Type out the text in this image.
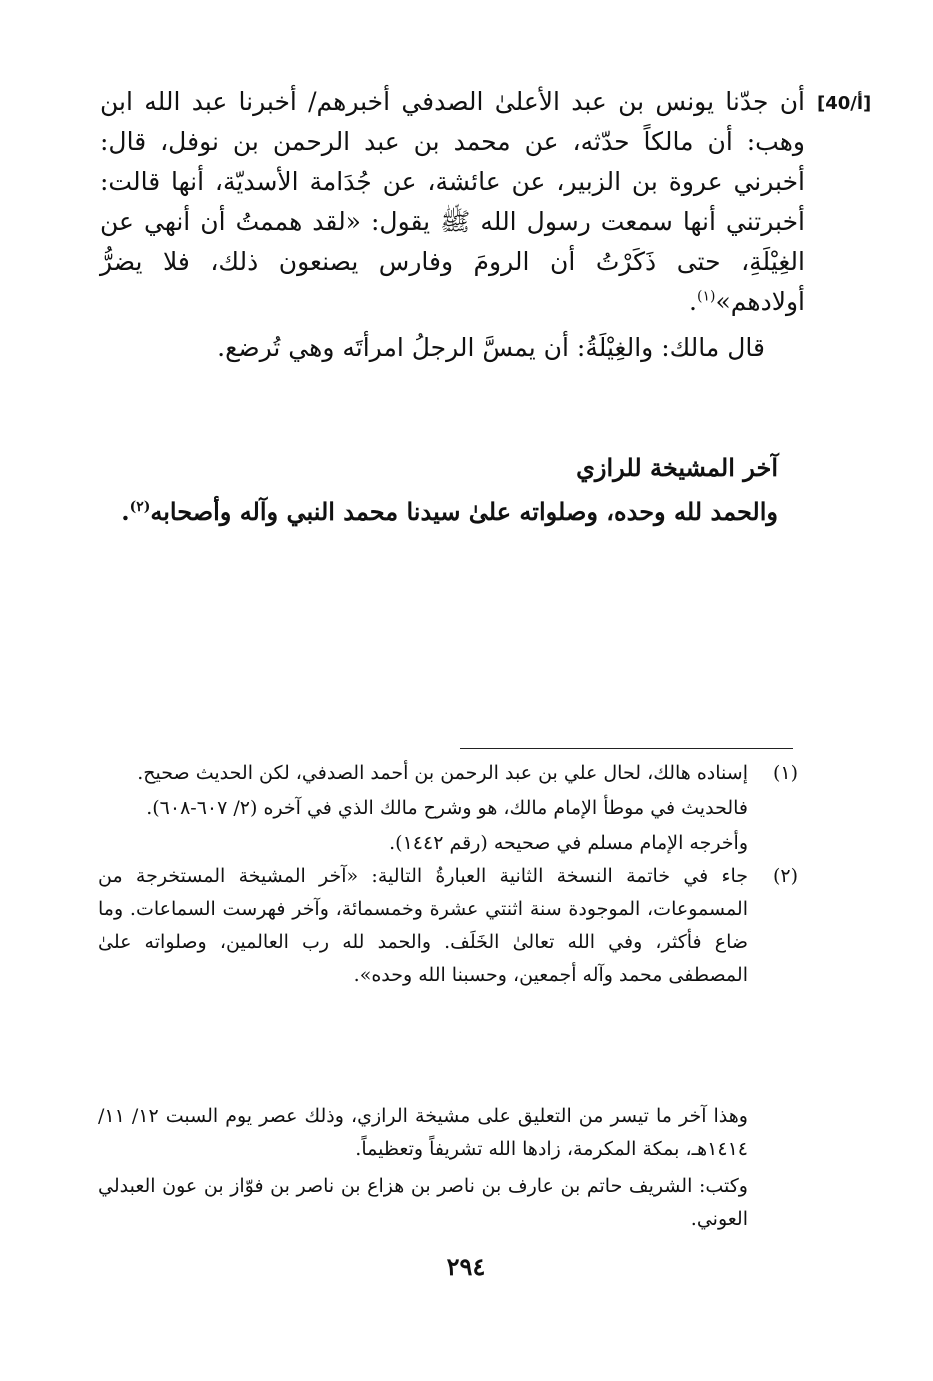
[40/أ]

أن جدّنا يونس بن عبد الأعلىٰ الصدفي أخبرهم/ أخبرنا عبد الله ابن وهب: أن مالكاً حدّثه، عن محمد بن عبد الرحمن بن نوفل، قال: أخبرني عروة بن الزبير، عن عائشة، عن جُدَامة الأسديّة، أنها قالت: أخبرتني أنها سمعت رسول الله ﷺ يقول: «لقد هممتُ أن أنهي عن الغِيْلَةِ، حتى ذَكَرْتُ أن الرومَ وفارس يصنعون ذلك، فلا يضرُّ أولادهم»$^{(١)}$.

قال مالك: والغِيْلَةُ: أن يمسَّ الرجلُ امرأتَه وهي تُرضع.

آخر المشيخة للرازي

والحمد لله وحده، وصلواته علىٰ سيدنا محمد النبي وآله وأصحابه$^{(٢)}$.

(١)

إسناده هالك، لحال علي بن عبد الرحمن بن أحمد الصدفي، لكن الحديث صحيح.

فالحديث في موطأ الإمام مالك، هو وشرح مالك الذي في آخره (٢/ ٦٠٧-٦٠٨).

وأخرجه الإمام مسلم في صحيحه (رقم ١٤٤٢).

(٢)

جاء في خاتمة النسخة الثانية العبارةُ التالية: «آخر المشيخة المستخرجة من المسموعات، الموجودة سنة اثنتي عشرة وخمسمائة، وآخر فهرست السماعات. وما ضاع فأكثر، وفي الله تعالىٰ الخَلَف. والحمد لله رب العالمين، وصلواته علىٰ المصطفى محمد وآله أجمعين، وحسبنا الله وحده».

وهذا آخر ما تيسر من التعليق على مشيخة الرازي، وذلك عصر يوم السبت ١٢/ ١١/ ١٤١٤هـ، بمكة المكرمة، زادها الله تشريفاً وتعظيماً.

وكتب: الشريف حاتم بن عارف بن ناصر بن هزاع بن ناصر بن فوّاز بن عون العبدلي العوني.

٢٩٤
